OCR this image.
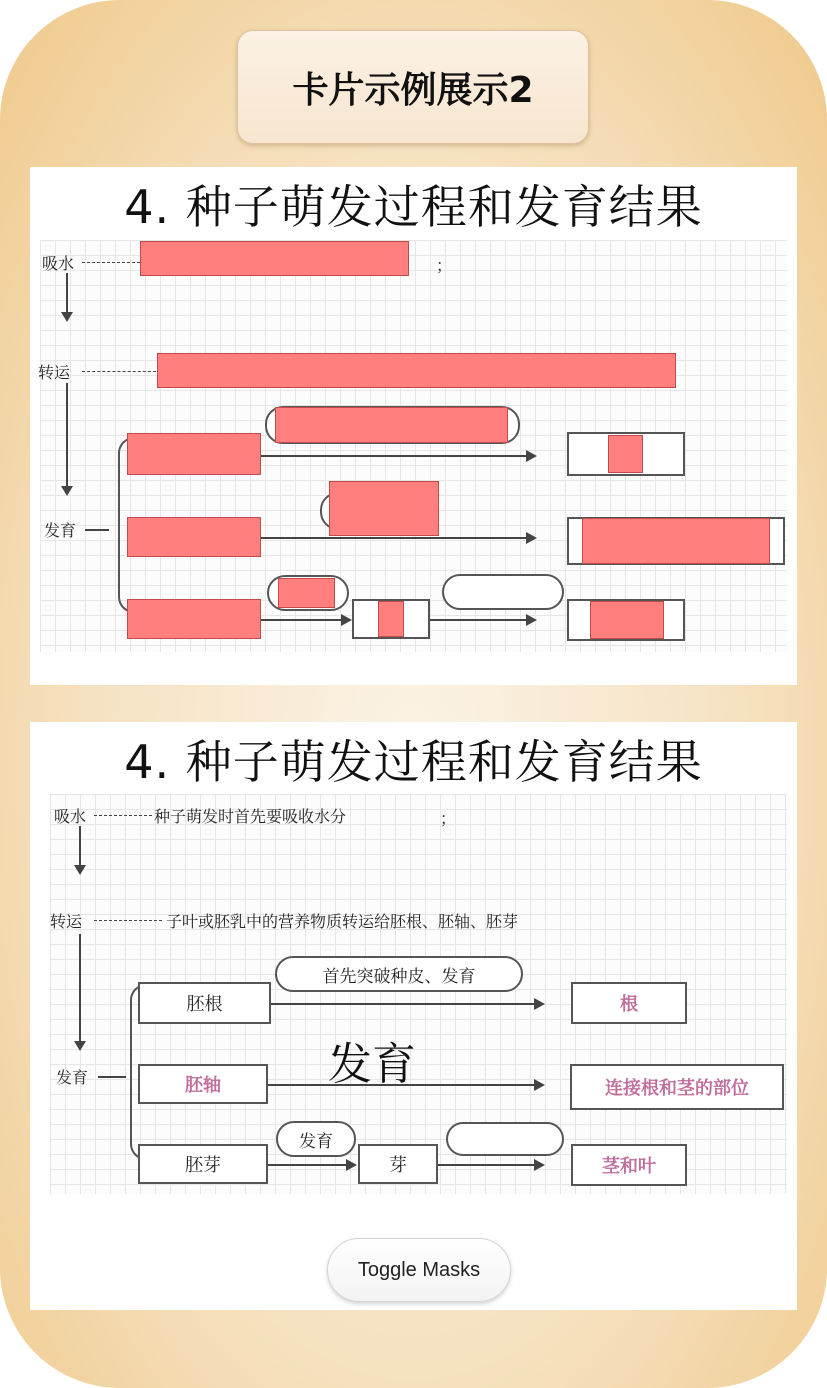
卡片示例展示2
4. 种子萌发过程和发育结果
吸水	；
转运
发育
4. 种子萌发过程和发育结果
吸水	种子萌发时首先要吸收水分	；
转运	子叶或胚乳中的营养物质转运给胚根、胚轴、胚芽
发育
胚根
首先突破种皮、发育
根
胚轴	发育	连接根和茎的部位
胚芽
发育
芽	茎和叶
Toggle Masks
